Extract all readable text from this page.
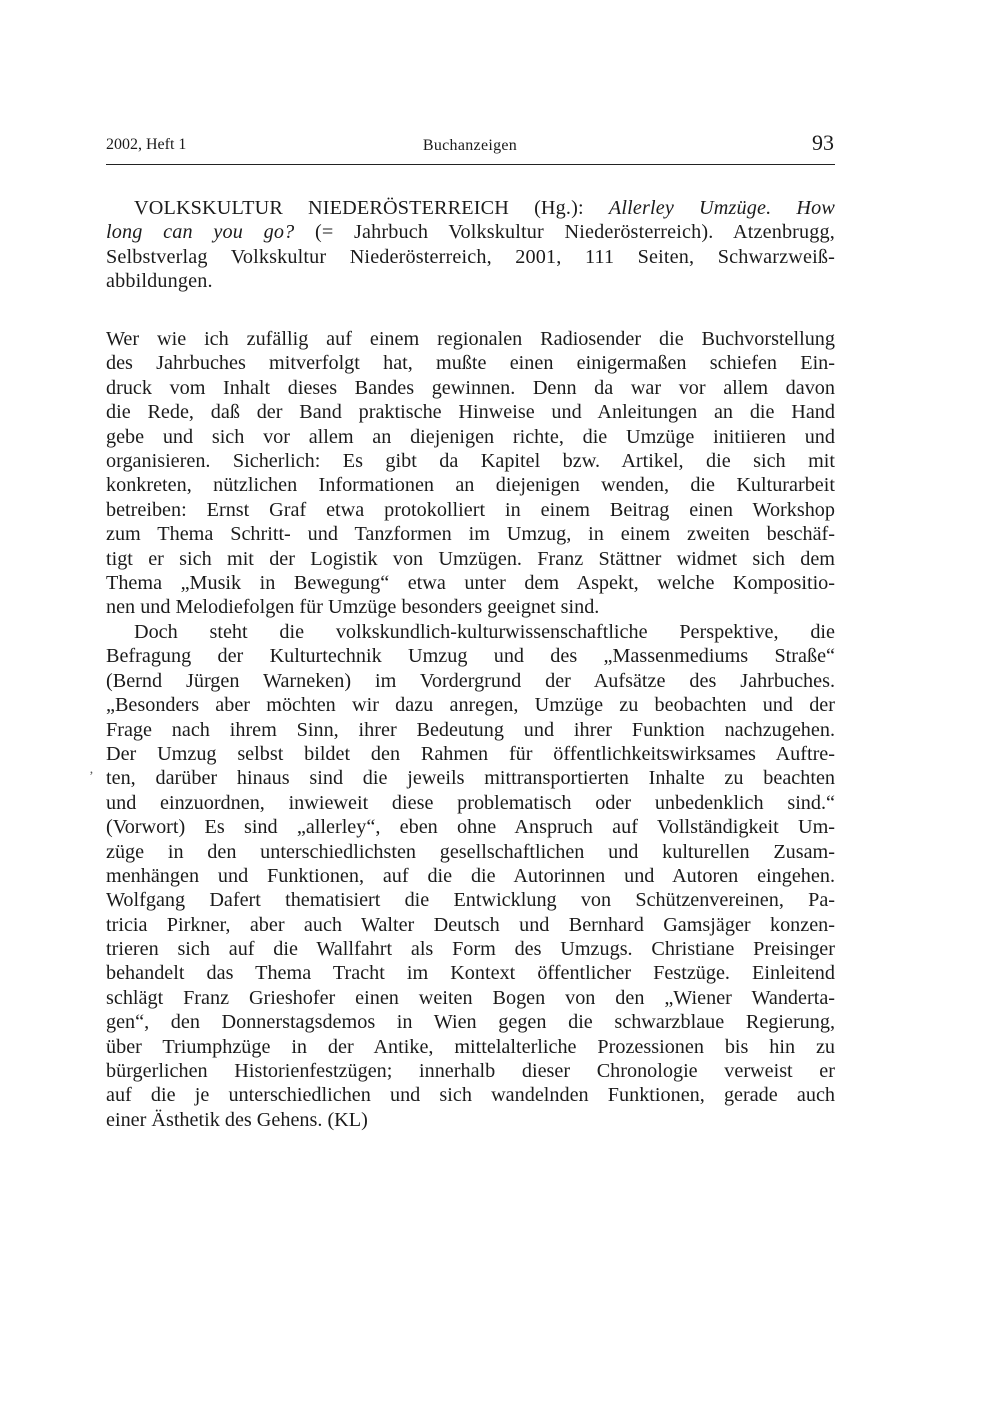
2002, Heft 1	Buchanzeigen	93
VOLKSKULTUR NIEDERÖSTERREICH (Hg.): Allerley Umzüge. How
long can you go? (= Jahrbuch Volkskultur Niederösterreich). Atzenbrugg,
Selbstverlag Volkskultur Niederösterreich, 2001, 111 Seiten, Schwarzweiß-
abbildungen.
Wer wie ich zufällig auf einem regionalen Radiosender die Buchvorstellung
des Jahrbuches mitverfolgt hat, mußte einen einigermaßen schiefen Ein-
druck vom Inhalt dieses Bandes gewinnen. Denn da war vor allem davon
die Rede, daß der Band praktische Hinweise und Anleitungen an die Hand
gebe und sich vor allem an diejenigen richte, die Umzüge initiieren und
organisieren. Sicherlich: Es gibt da Kapitel bzw. Artikel, die sich mit
konkreten, nützlichen Informationen an diejenigen wenden, die Kulturarbeit
betreiben: Ernst Graf etwa protokolliert in einem Beitrag einen Workshop
zum Thema Schritt- und Tanzformen im Umzug, in einem zweiten beschäf-
tigt er sich mit der Logistik von Umzügen. Franz Stättner widmet sich dem
Thema „Musik in Bewegung“ etwa unter dem Aspekt, welche Kompositio-
nen und Melodiefolgen für Umzüge besonders geeignet sind.
Doch steht die volkskundlich-kulturwissenschaftliche Perspektive, die
Befragung der Kulturtechnik Umzug und des „Massenmediums Straße“
(Bernd Jürgen Warneken) im Vordergrund der Aufsätze des Jahrbuches.
„Besonders aber möchten wir dazu anregen, Umzüge zu beobachten und der
Frage nach ihrem Sinn, ihrer Bedeutung und ihrer Funktion nachzugehen.
Der Umzug selbst bildet den Rahmen für öffentlichkeitswirksames Auftre-
ten, darüber hinaus sind die jeweils mittransportierten Inhalte zu beachten
und einzuordnen, inwieweit diese problematisch oder unbedenklich sind.“
(Vorwort) Es sind „allerley“, eben ohne Anspruch auf Vollständigkeit Um-
züge in den unterschiedlichsten gesellschaftlichen und kulturellen Zusam-
menhängen und Funktionen, auf die die Autorinnen und Autoren eingehen.
Wolfgang Dafert thematisiert die Entwicklung von Schützenvereinen, Pa-
tricia Pirkner, aber auch Walter Deutsch und Bernhard Gamsjäger konzen-
trieren sich auf die Wallfahrt als Form des Umzugs. Christiane Preisinger
behandelt das Thema Tracht im Kontext öffentlicher Festzüge. Einleitend
schlägt Franz Grieshofer einen weiten Bogen von den „Wiener Wanderta-
gen“, den Donnerstagsdemos in Wien gegen die schwarzblaue Regierung,
über Triumphzüge in der Antike, mittelalterliche Prozessionen bis hin zu
bürgerlichen Historienfestzügen; innerhalb dieser Chronologie verweist er
auf die je unterschiedlichen und sich wandelnden Funktionen, gerade auch
einer Ästhetik des Gehens. (KL)
‚
